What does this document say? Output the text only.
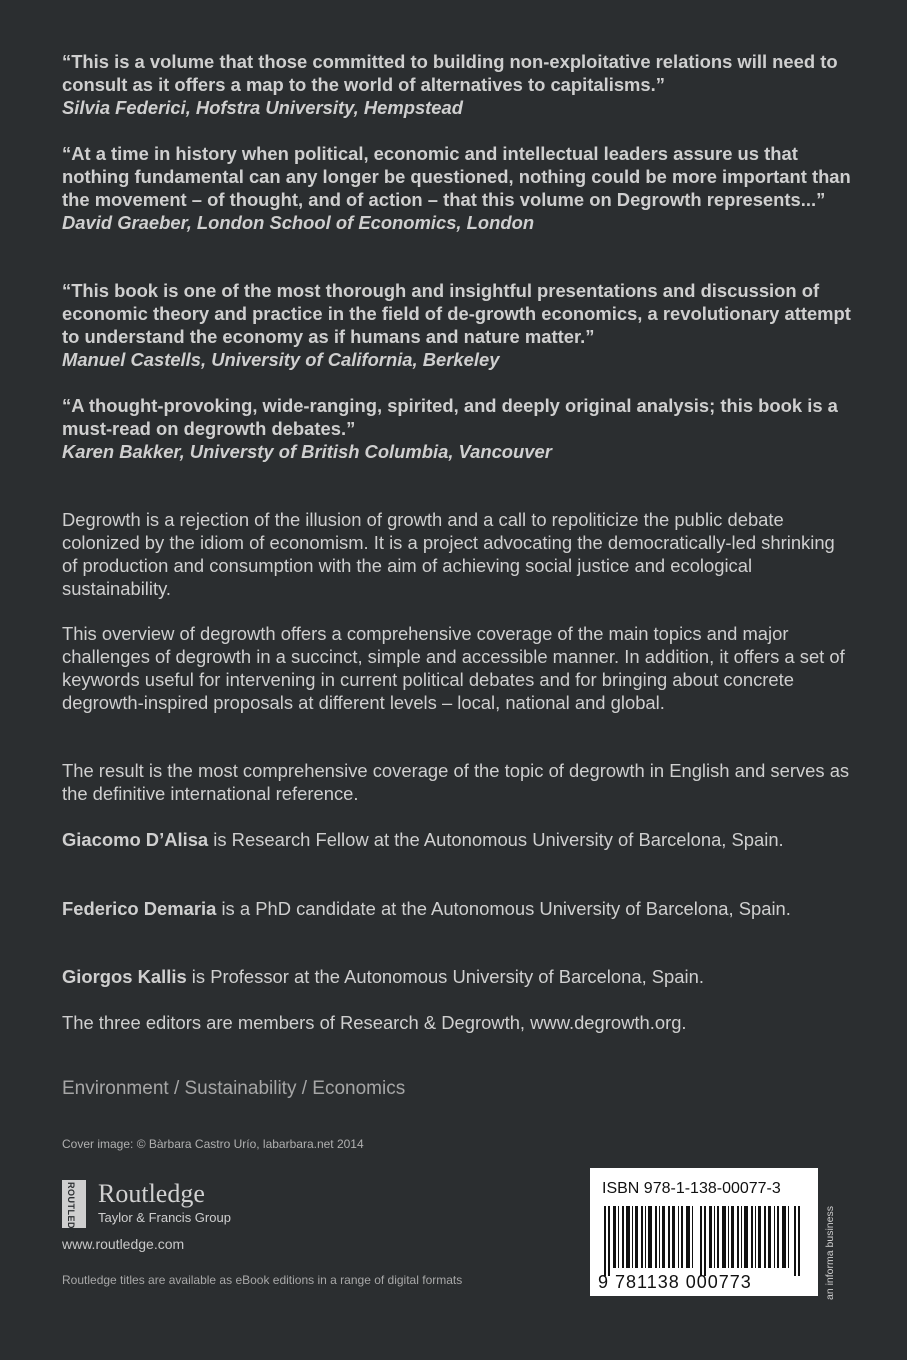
“This is a volume that those committed to building non-exploitative relations will need to consult as it offers a map to the world of alternatives to capitalisms.”
Silvia Federici, Hofstra University, Hempstead
“At a time in history when political, economic and intellectual leaders assure us that nothing fundamental can any longer be questioned, nothing could be more important than the movement – of thought, and of action – that this volume on Degrowth represents...”
David Graeber, London School of Economics, London
“This book is one of the most thorough and insightful presentations and discussion of economic theory and practice in the field of de-growth economics, a revolutionary attempt to understand the economy as if humans and nature matter.”
Manuel Castells, University of California, Berkeley
“A thought-provoking, wide-ranging, spirited, and deeply original analysis; this book is a must-read on degrowth debates.”
Karen Bakker, Universty of British Columbia, Vancouver
Degrowth is a rejection of the illusion of growth and a call to repoliticize the public debate colonized by the idiom of economism. It is a project advocating the democratically-led shrinking of production and consumption with the aim of achieving social justice and ecological sustainability.
This overview of degrowth offers a comprehensive coverage of the main topics and major challenges of degrowth in a succinct, simple and accessible manner. In addition, it offers a set of keywords useful for intervening in current political debates and for bringing about concrete degrowth-inspired proposals at different levels – local, national and global.
The result is the most comprehensive coverage of the topic of degrowth in English and serves as the definitive international reference.
Giacomo D’Alisa is Research Fellow at the Autonomous University of Barcelona, Spain.
Federico Demaria is a PhD candidate at the Autonomous University of Barcelona, Spain.
Giorgos Kallis is Professor at the Autonomous University of Barcelona, Spain.
The three editors are members of Research & Degrowth, www.degrowth.org.
Environment / Sustainability / Economics
Cover image: © Bàrbara Castro Urío, labarbara.net 2014
ROUTLEDGE Routledge
Taylor & Francis Group
www.routledge.com
Routledge titles are available as eBook editions in a range of digital formats
ISBN 978-1-138-00077-3
9 781138 000773	an informa business
